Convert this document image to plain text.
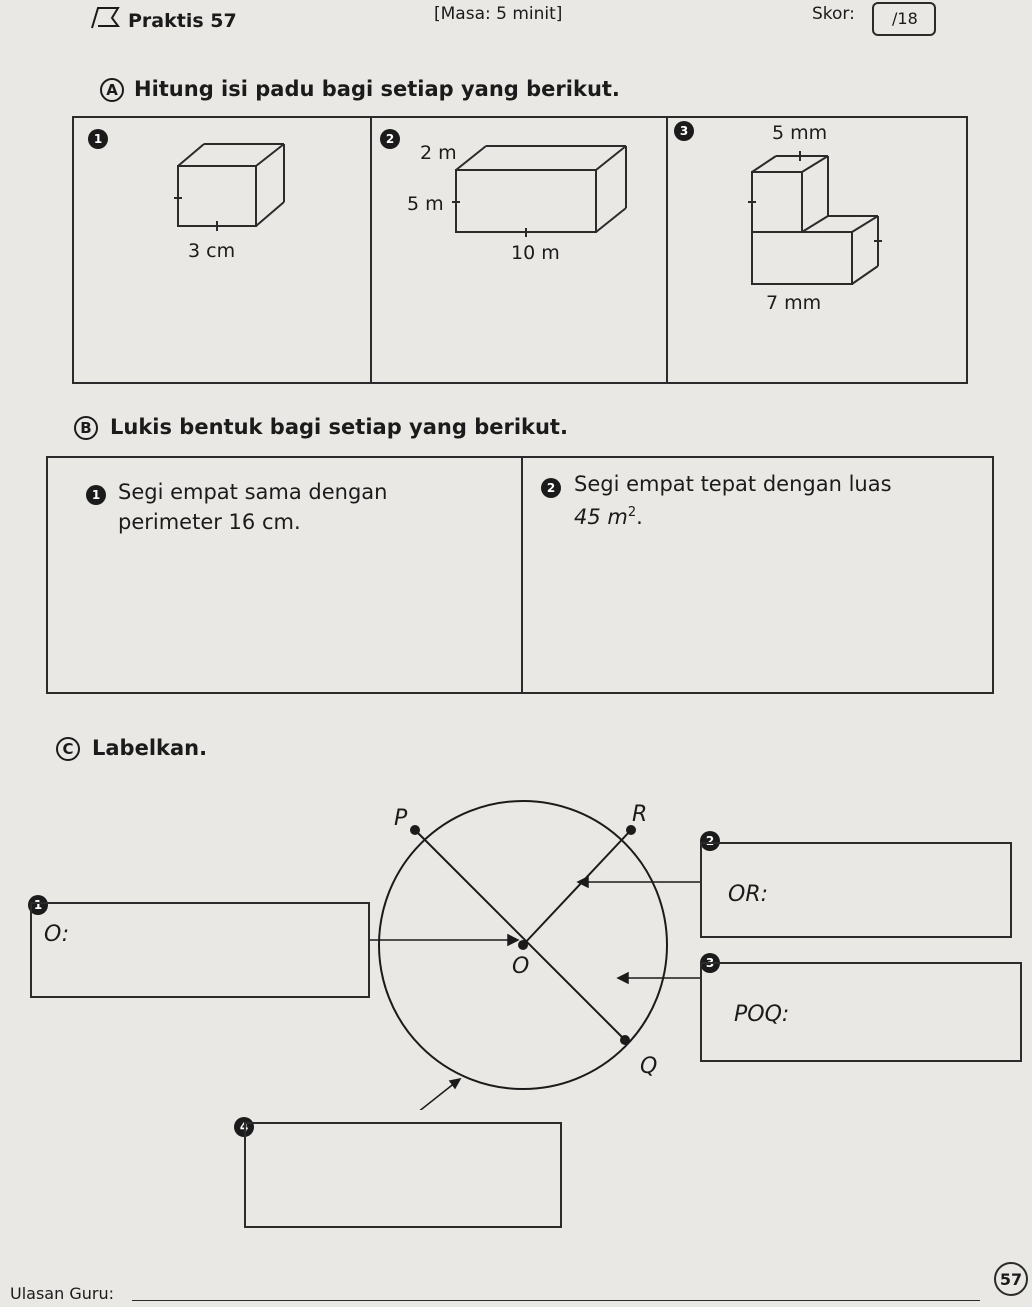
Praktis 57	[Masa: 5 minit]	Skor: /18
A Hitung isi padu bagi setiap yang berikut.
1
3 cm
2
2 m
5 m
10 m
3	5 mm
7 mm
B Lukis bentuk bagi setiap yang berikut.
1 Segi empat sama dengan
perimeter 16 cm.
2 Segi empat tepat dengan luas
45 $m^2$.
C Labelkan.
P	R
O
Q
1
O:
2
OR:
3
POQ:
4
Ulasan Guru:
57
